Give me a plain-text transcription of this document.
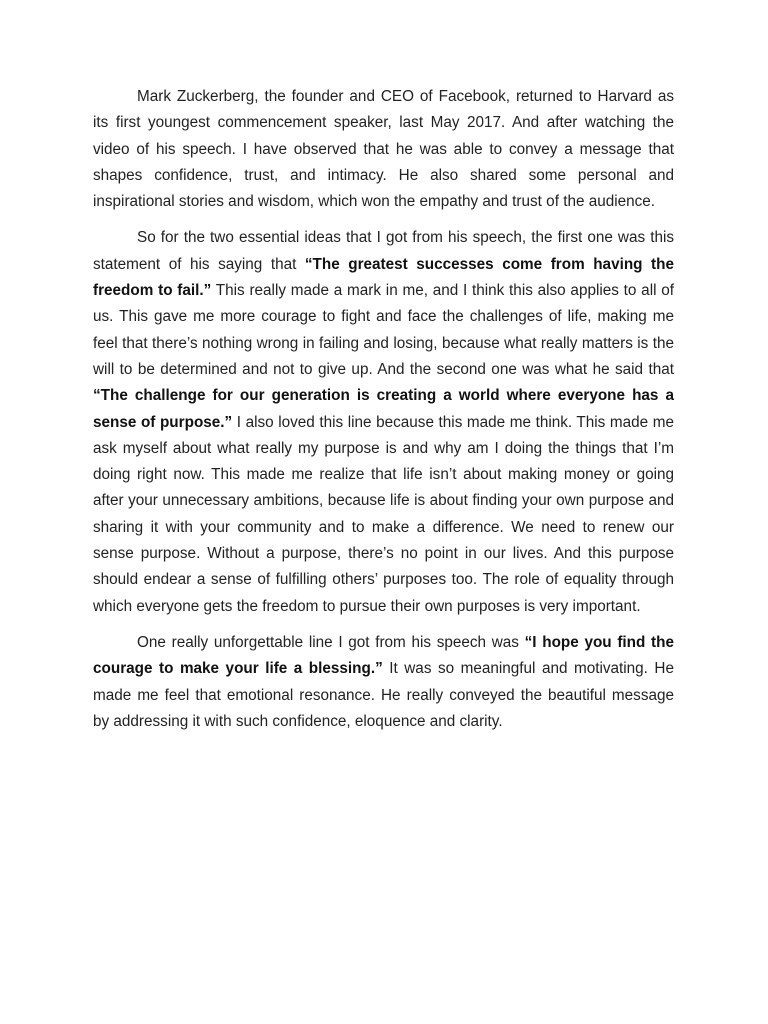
Mark Zuckerberg, the founder and CEO of Facebook, returned to Harvard as its first youngest commencement speaker, last May 2017. And after watching the video of his speech. I have observed that he was able to convey a message that shapes confidence, trust, and intimacy. He also shared some personal and inspirational stories and wisdom, which won the empathy and trust of the audience.

So for the two essential ideas that I got from his speech, the first one was this statement of his saying that “The greatest successes come from having the freedom to fail.” This really made a mark in me, and I think this also applies to all of us. This gave me more courage to fight and face the challenges of life, making me feel that there’s nothing wrong in failing and losing, because what really matters is the will to be determined and not to give up. And the second one was what he said that “The challenge for our generation is creating a world where everyone has a sense of purpose.” I also loved this line because this made me think. This made me ask myself about what really my purpose is and why am I doing the things that I’m doing right now. This made me realize that life isn’t about making money or going after your unnecessary ambitions, because life is about finding your own purpose and sharing it with your community and to make a difference. We need to renew our sense purpose. Without a purpose, there’s no point in our lives. And this purpose should endear a sense of fulfilling others’ purposes too. The role of equality through which everyone gets the freedom to pursue their own purposes is very important.

One really unforgettable line I got from his speech was “I hope you find the courage to make your life a blessing.” It was so meaningful and motivating. He made me feel that emotional resonance. He really conveyed the beautiful message by addressing it with such confidence, eloquence and clarity.
